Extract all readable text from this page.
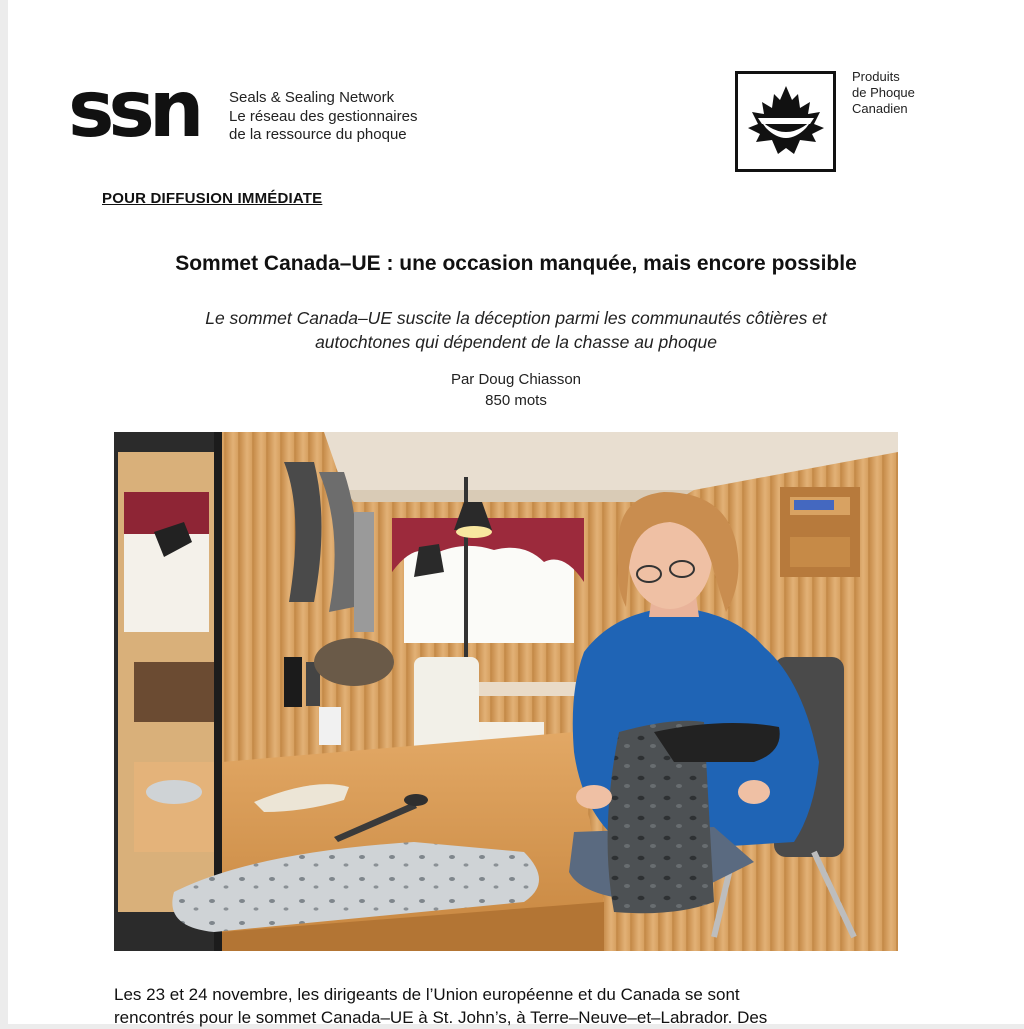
ssn Seals & Sealing Network
Le réseau des gestionnaires
de la ressource du phoque
Produits
de Phoque
Canadien
POUR DIFFUSION IMMÉDIATE
Sommet Canada–UE : une occasion manquée, mais encore possible
Le sommet Canada–UE suscite la déception parmi les communautés côtières et
autochtones qui dépendent de la chasse au phoque
Par Doug Chiasson
850 mots
Les 23 et 24 novembre, les dirigeants de l’Union européenne et du Canada se sont
rencontrés pour le sommet Canada–UE à St. John’s, à Terre–Neuve–et–Labrador. Des
